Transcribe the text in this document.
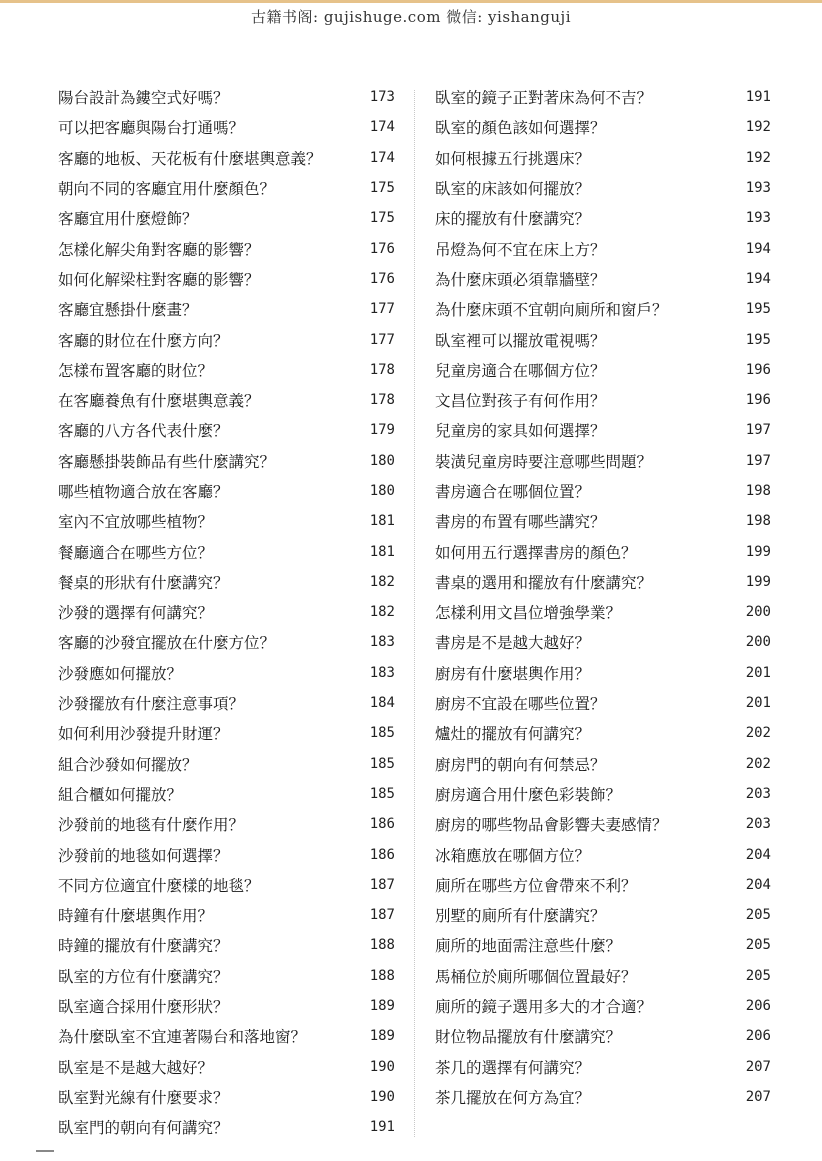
古籍书阁: gujishuge.com 微信: yishanguji
陽台設計為鏤空式好嗎？	173
可以把客廳與陽台打通嗎？	174
客廳的地板、天花板有什麼堪輿意義？	174
朝向不同的客廳宜用什麼顏色？	175
客廳宜用什麼燈飾？	175
怎樣化解尖角對客廳的影響？	176
如何化解梁柱對客廳的影響？	176
客廳宜懸掛什麼畫？	177
客廳的財位在什麼方向？	177
怎樣布置客廳的財位？	178
在客廳養魚有什麼堪輿意義？	178
客廳的八方各代表什麼？	179
客廳懸掛裝飾品有些什麼講究？	180
哪些植物適合放在客廳？	180
室內不宜放哪些植物？	181
餐廳適合在哪些方位？	181
餐桌的形狀有什麼講究？	182
沙發的選擇有何講究？	182
客廳的沙發宜擺放在什麼方位？	183
沙發應如何擺放？	183
沙發擺放有什麼注意事項？	184
如何利用沙發提升財運？	185
組合沙發如何擺放？	185
組合櫃如何擺放？	185
沙發前的地毯有什麼作用？	186
沙發前的地毯如何選擇？	186
不同方位適宜什麼樣的地毯？	187
時鐘有什麼堪輿作用？	187
時鐘的擺放有什麼講究？	188
臥室的方位有什麼講究？	188
臥室適合採用什麼形狀？	189
為什麼臥室不宜連著陽台和落地窗？	189
臥室是不是越大越好？	190
臥室對光線有什麼要求？	190
臥室門的朝向有何講究？	191
臥室的鏡子正對著床為何不吉？	191
臥室的顏色該如何選擇？	192
如何根據五行挑選床？	192
臥室的床該如何擺放？	193
床的擺放有什麼講究？	193
吊燈為何不宜在床上方？	194
為什麼床頭必須靠牆壁？	194
為什麼床頭不宜朝向廁所和窗戶？	195
臥室裡可以擺放電視嗎？	195
兒童房適合在哪個方位？	196
文昌位對孩子有何作用？	196
兒童房的家具如何選擇？	197
裝潢兒童房時要注意哪些問題？	197
書房適合在哪個位置？	198
書房的布置有哪些講究？	198
如何用五行選擇書房的顏色？	199
書桌的選用和擺放有什麼講究？	199
怎樣利用文昌位增強學業？	200
書房是不是越大越好？	200
廚房有什麼堪輿作用？	201
廚房不宜設在哪些位置？	201
爐灶的擺放有何講究？	202
廚房門的朝向有何禁忌？	202
廚房適合用什麼色彩裝飾？	203
廚房的哪些物品會影響夫妻感情？	203
冰箱應放在哪個方位？	204
廁所在哪些方位會帶來不利？	204
別墅的廁所有什麼講究？	205
廁所的地面需注意些什麼？	205
馬桶位於廁所哪個位置最好？	205
廁所的鏡子選用多大的才合適？	206
財位物品擺放有什麼講究？	206
茶几的選擇有何講究？	207
茶几擺放在何方為宜？	207
